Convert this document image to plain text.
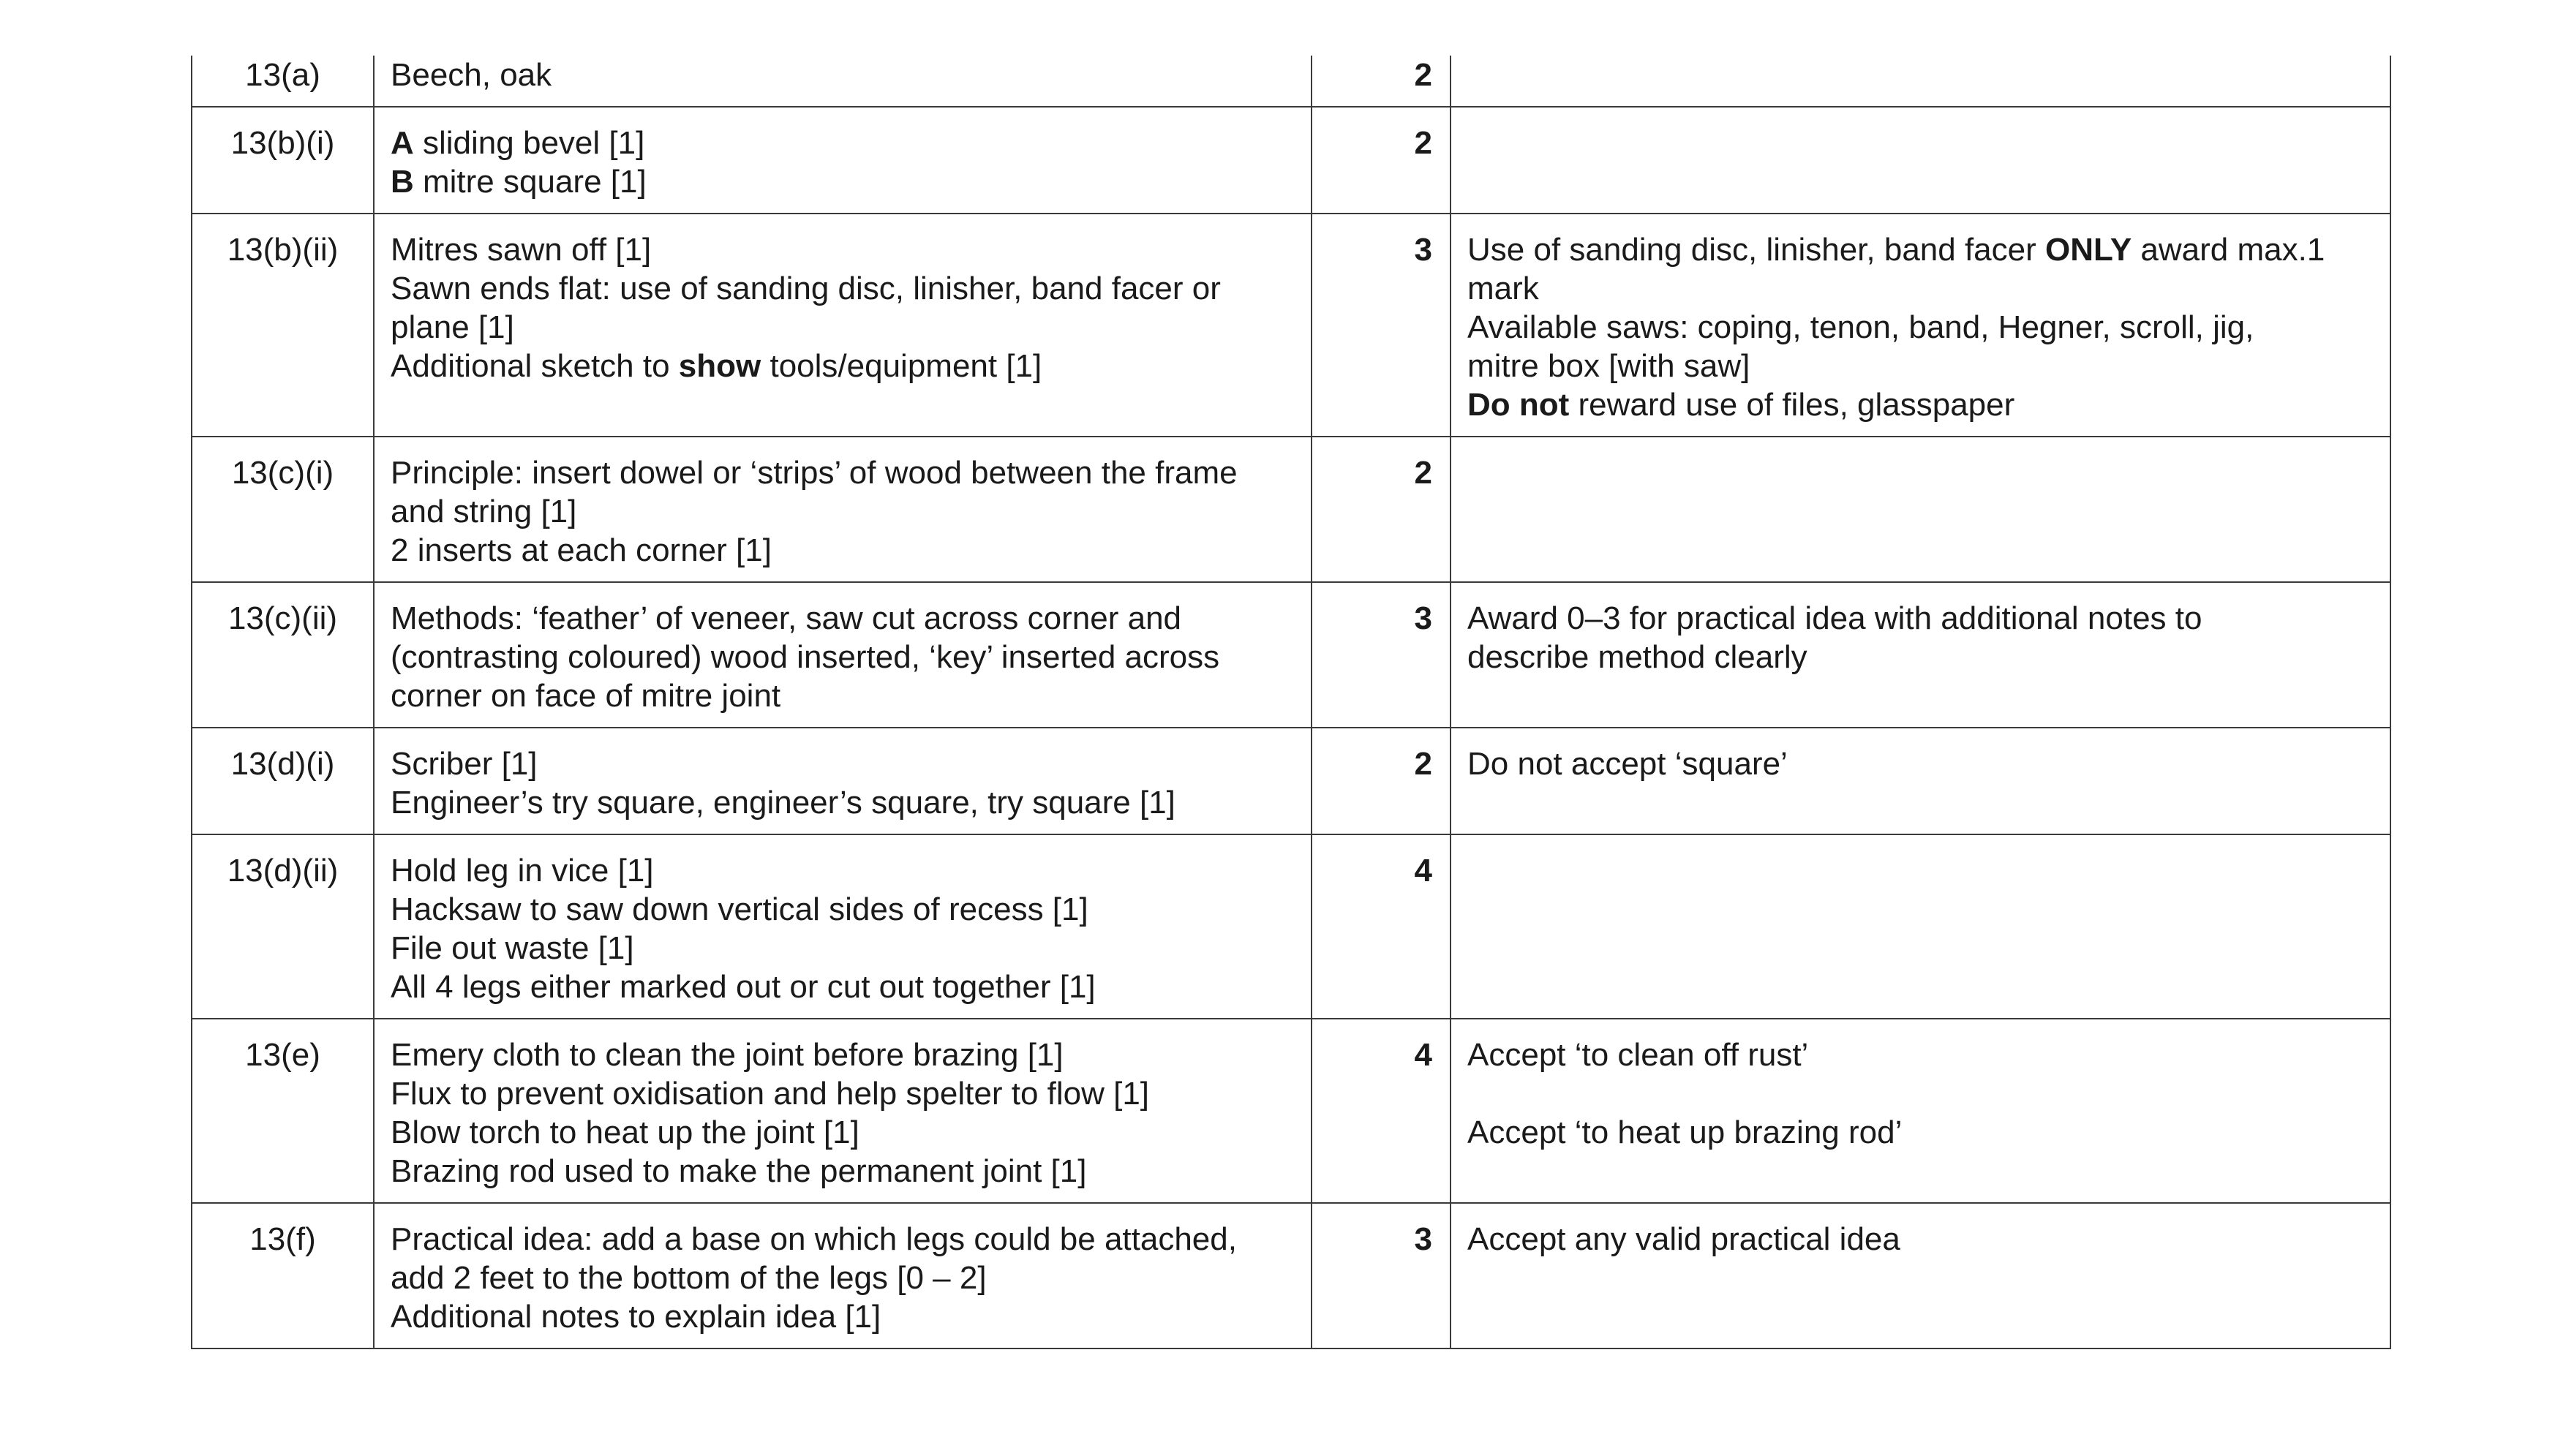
13(a)	Beech, oak	2	
13(b)(i)	A sliding bevel [1]
B mitre square [1]	2	
13(b)(ii)	Mitres sawn off [1]
Sawn ends flat: use of sanding disc, linisher, band facer or
plane [1]
Additional sketch to show tools/equipment [1]	3	Use of sanding disc, linisher, band facer ONLY award max.1
mark
Available saws: coping, tenon, band, Hegner, scroll, jig,
mitre box [with saw]
Do not reward use of files, glasspaper

13(c)(i)	Principle: insert dowel or ‘strips’ of wood between the frame
and string [1]
2 inserts at each corner [1]	2	
13(c)(ii)	Methods: ‘feather’ of veneer, saw cut across corner and
(contrasting coloured) wood inserted, ‘key’ inserted across
corner on face of mitre joint	3	Award 0–3 for practical idea with additional notes to
describe method clearly

13(d)(i)	Scriber [1]
Engineer’s try square, engineer’s square, try square [1]	2	Do not accept ‘square’

13(d)(ii)	Hold leg in vice [1]
Hacksaw to saw down vertical sides of recess [1]
File out waste [1]
All 4 legs either marked out or cut out together [1]	4	
13(e)	Emery cloth to clean the joint before brazing [1]
Flux to prevent oxidisation and help spelter to flow [1]
Blow torch to heat up the joint [1]
Brazing rod used to make the permanent joint [1]	4	Accept ‘to clean off rust’
Accept ‘to heat up brazing rod’

13(f)	Practical idea: add a base on which legs could be attached,
add 2 feet to the bottom of the legs [0 – 2]
Additional notes to explain idea [1]	3	Accept any valid practical idea
